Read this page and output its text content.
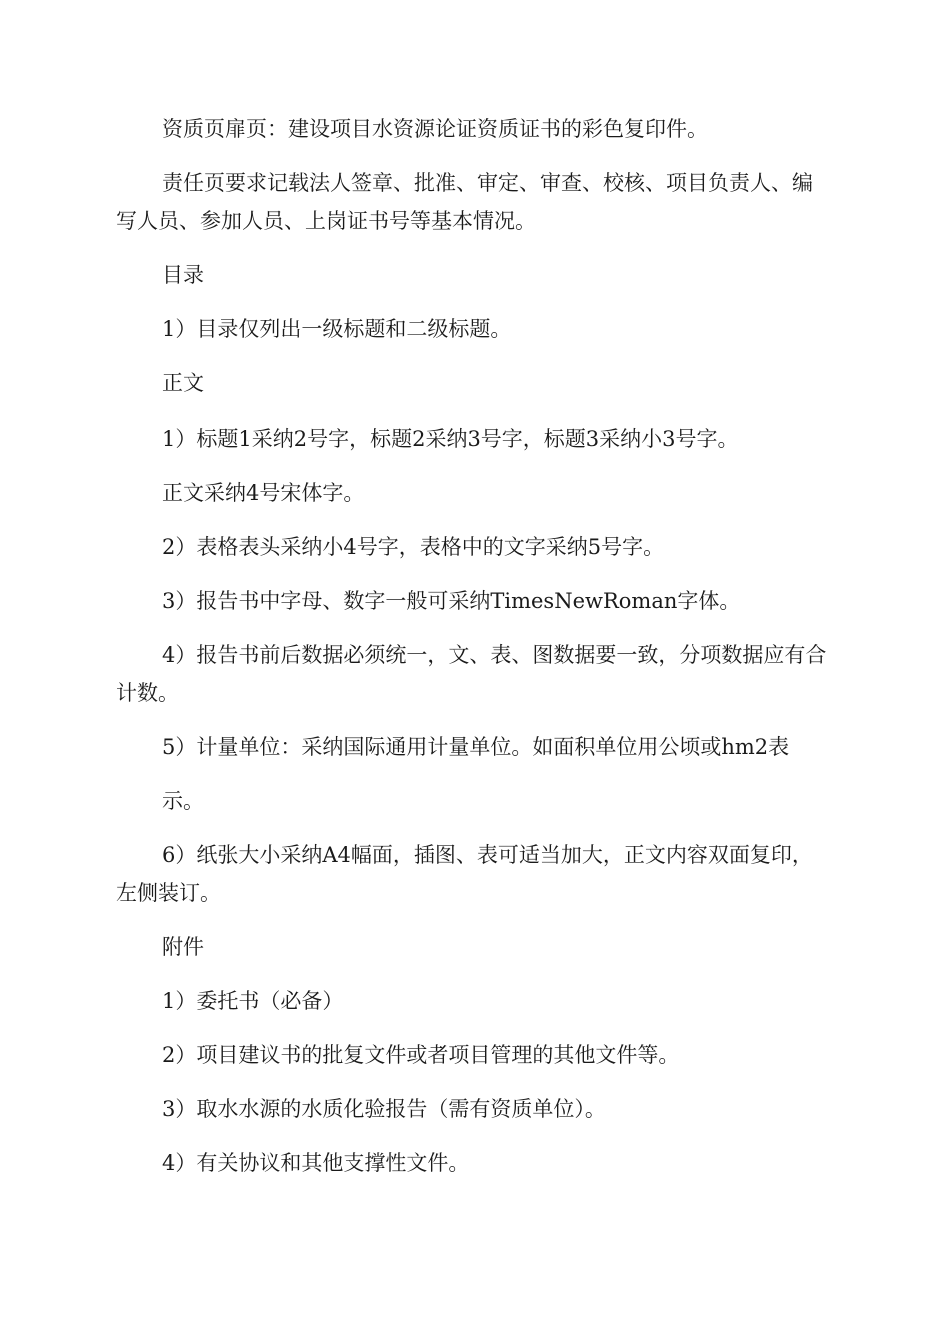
资质页扉页：建设项目水资源论证资质证书的彩色复印件。

责任页要求记载法人签章、批准、审定、审查、校核、项目负责人、编写人员、参加人员、上岗证书号等基本情况。

目录

1）目录仅列出一级标题和二级标题。

正文

1）标题1采纳2号字，标题2采纳3号字，标题3采纳小3号字。

正文采纳4号宋体字。

2）表格表头采纳小4号字，表格中的文字采纳5号字。

3）报告书中字母、数字一般可采纳TimesNewRoman字体。

4）报告书前后数据必须统一，文、表、图数据要一致，分项数据应有合计数。

5）计量单位：采纳国际通用计量单位。如面积单位用公顷或hm2表

示。

6）纸张大小采纳A4幅面，插图、表可适当加大，正文内容双面复印，左侧装订。

附件

1）委托书（必备）

2）项目建议书的批复文件或者项目管理的其他文件等。

3）取水水源的水质化验报告（需有资质单位）。

4）有关协议和其他支撑性文件。
